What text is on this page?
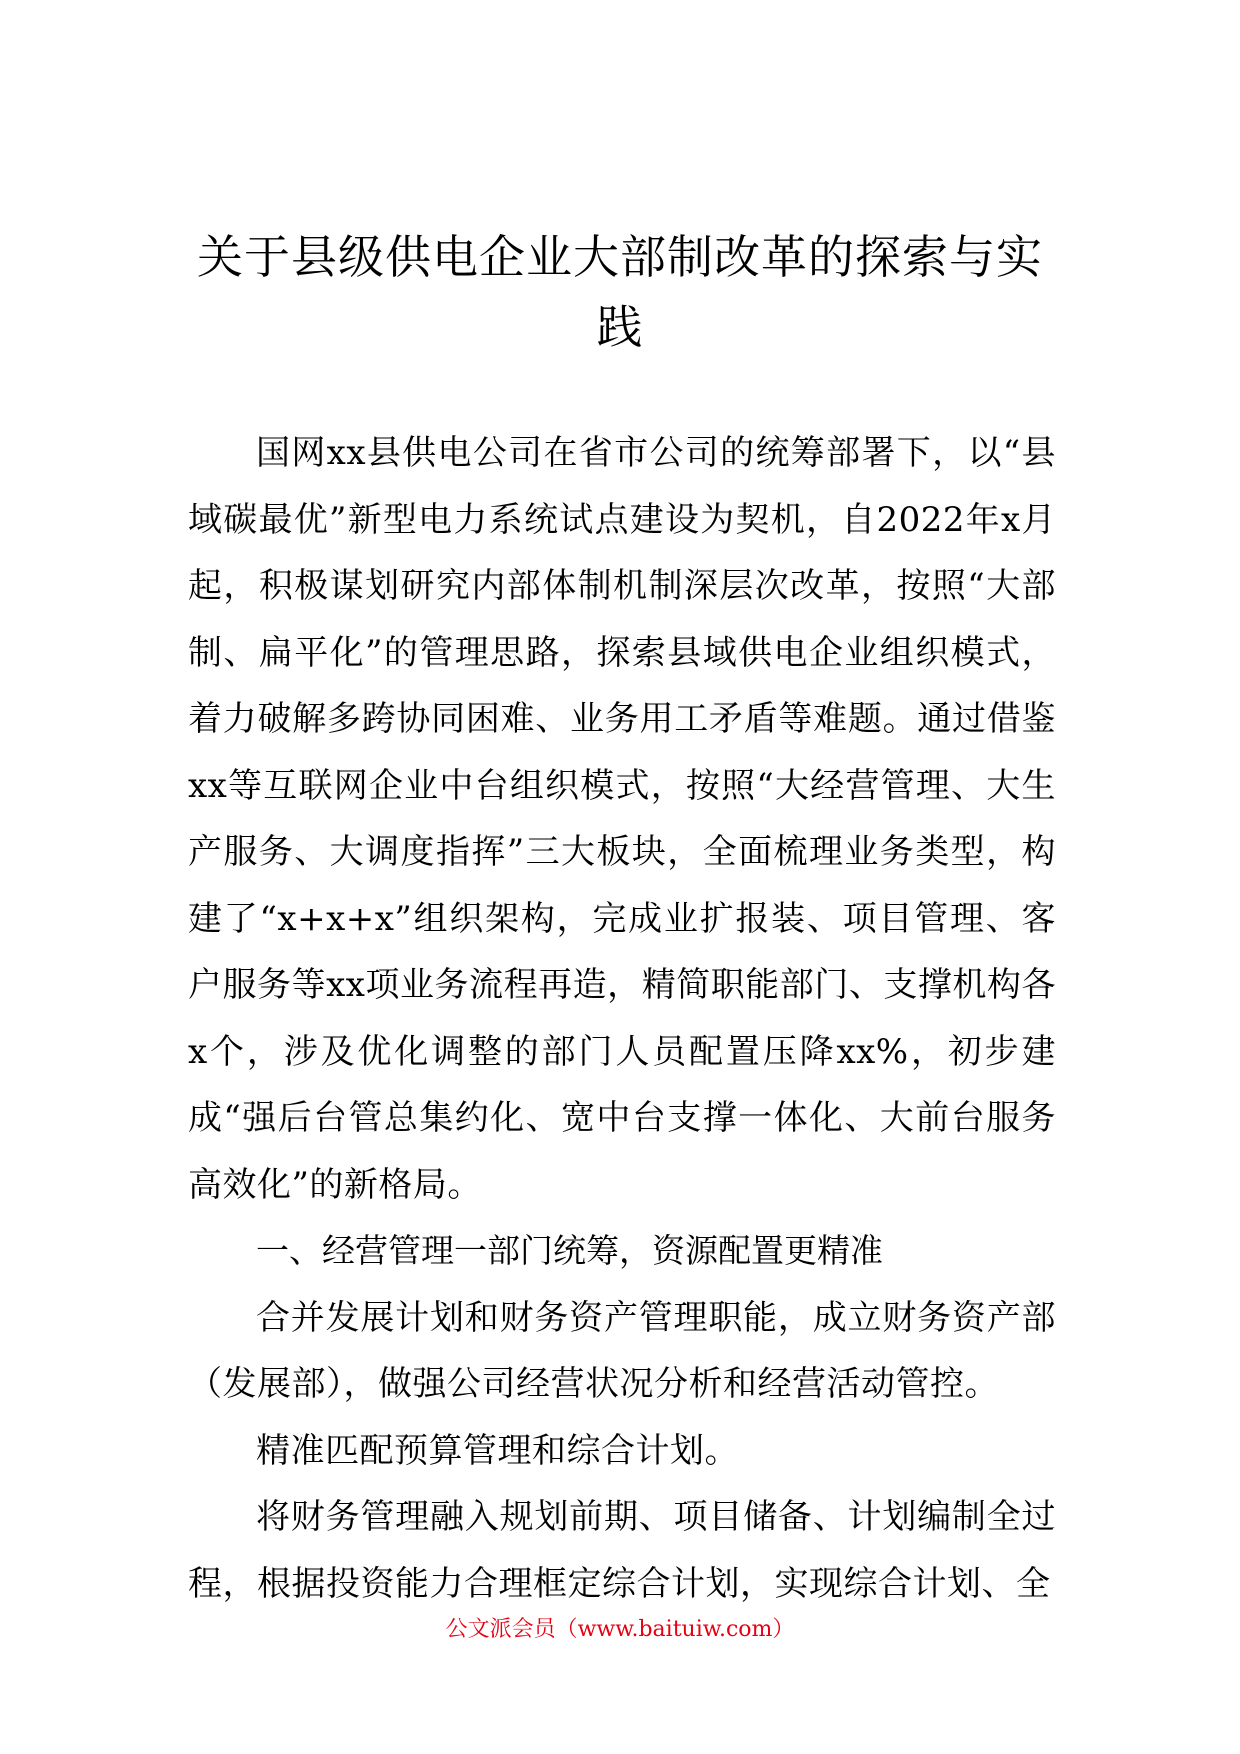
关于县级供电企业大部制改革的探索与实
践

国网xx县供电公司在省市公司的统筹部署下，以“县域碳最优”新型电力系统试点建设为契机，自2022年x月起，积极谋划研究内部体制机制深层次改革，按照“大部制、扁平化”的管理思路，探索县域供电企业组织模式，着力破解多跨协同困难、业务用工矛盾等难题。通过借鉴xx等互联网企业中台组织模式，按照“大经营管理、大生产服务、大调度指挥”三大板块，全面梳理业务类型，构建了“x+x+x”组织架构，完成业扩报装、项目管理、客户服务等xx项业务流程再造，精简职能部门、支撑机构各x个，涉及优化调整的部门人员配置压降xx%，初步建成“强后台管总集约化、宽中台支撑一体化、大前台服务高效化”的新格局。

一、经营管理一部门统筹，资源配置更精准

合并发展计划和财务资产管理职能，成立财务资产部（发展部），做强公司经营状况分析和经营活动管控。

精准匹配预算管理和综合计划。

将财务管理融入规划前期、项目储备、计划编制全过程，根据投资能力合理框定综合计划，实现综合计划、全

公文派会员（www.baituiw.com）
